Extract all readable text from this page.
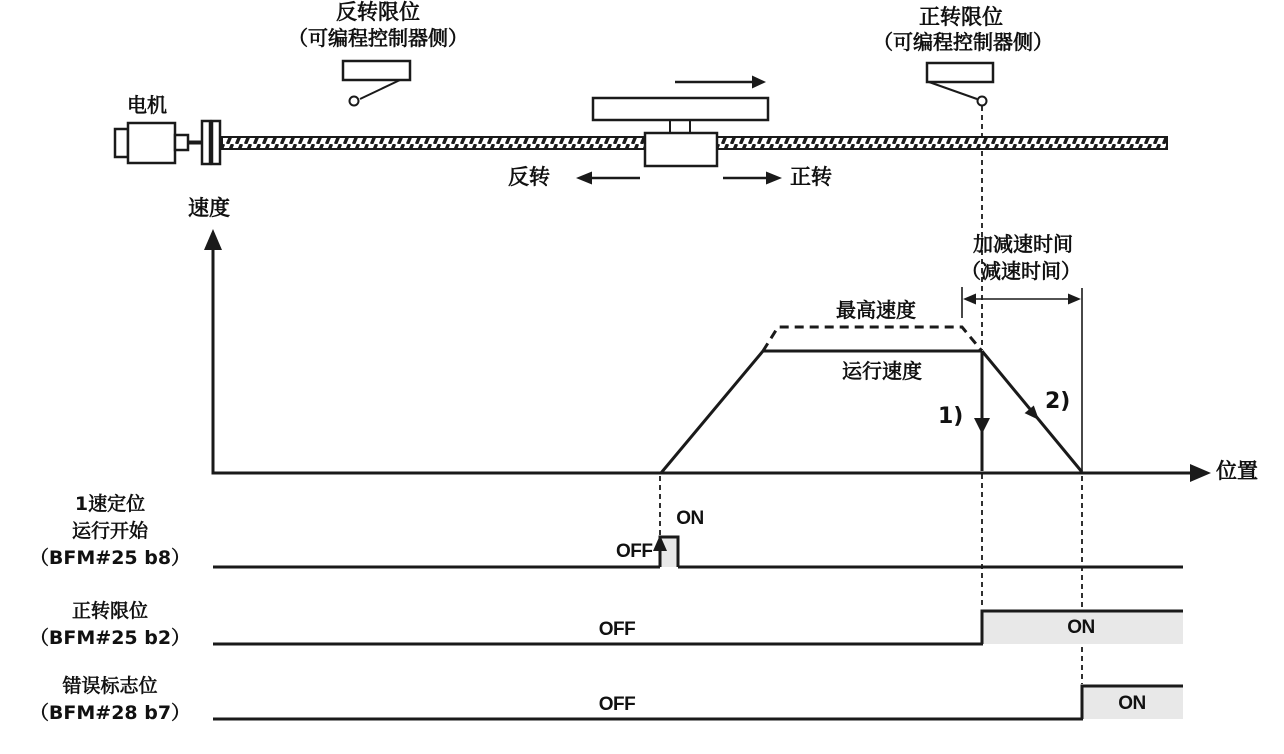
电机
反转限位
（可编程控制器侧）
正转限位
（可编程控制器侧）
反转	正转
速度
位置
最高速度
运行速度
加减速时间
（减速时间）
1)
2)
1速定位
运行开始
（BFM#25 b8）
正转限位
（BFM#25 b2）
错误标志位
（BFM#28 b7）
OFF
ON
OFF	ON
OFF	ON
